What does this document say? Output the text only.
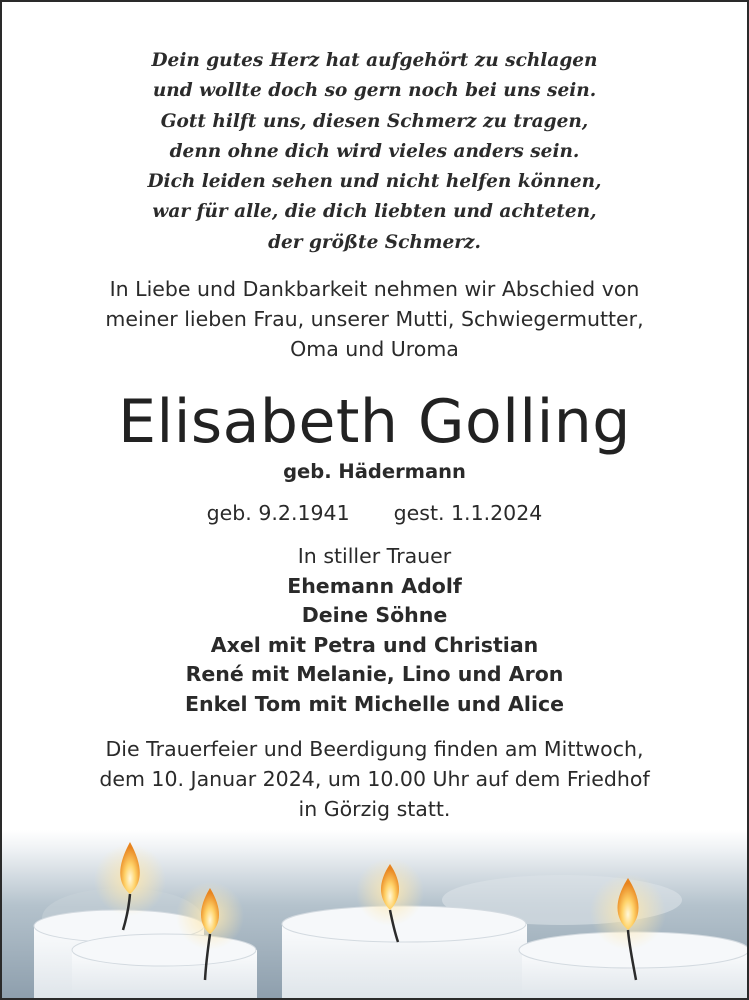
Dein gutes Herz hat aufgehört zu schlagen
und wollte doch so gern noch bei uns sein.
Gott hilft uns, diesen Schmerz zu tragen,
denn ohne dich wird vieles anders sein.
Dich leiden sehen und nicht helfen können,
war für alle, die dich liebten und achteten,
der größte Schmerz.
In Liebe und Dankbarkeit nehmen wir Abschied von
meiner lieben Frau, unserer Mutti, Schwiegermutter,
Oma und Uroma
Elisabeth Golling
geb. Hädermann
geb. 9.2.1941 gest. 1.1.2024
In stiller Trauer
Ehemann Adolf
Deine Söhne
Axel mit Petra und Christian
René mit Melanie, Lino und Aron
Enkel Tom mit Michelle und Alice
Die Trauerfeier und Beerdigung finden am Mittwoch,
dem 10. Januar 2024, um 10.00 Uhr auf dem Friedhof
in Görzig statt.
